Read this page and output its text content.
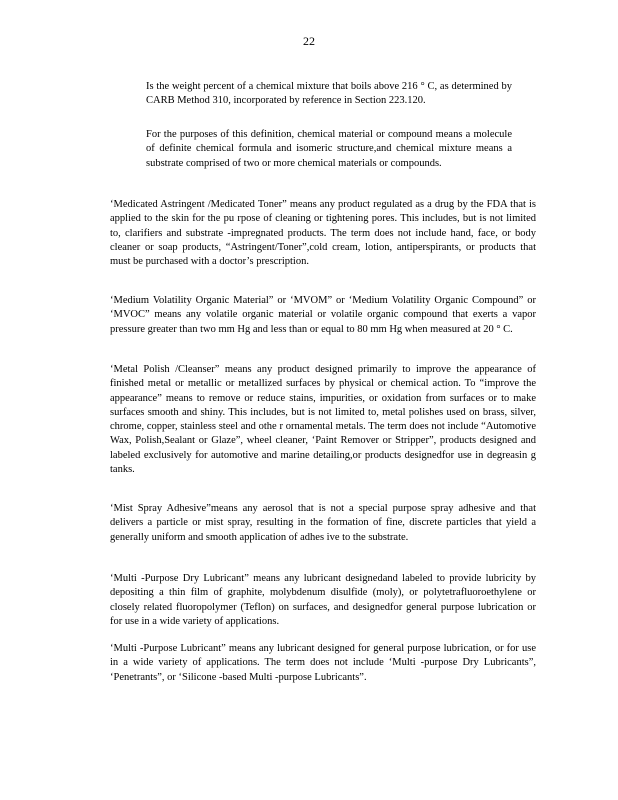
22

Is the weight percent of a chemical mixture that boils above 216 ° C, as determined by CARB Method 310, incorporated by reference in Section 223.120.

For the purposes of this definition, chemical material or compound means a molecule of definite chemical formula and isomeric structure,and chemical mixture means a substrate comprised of two or more chemical materials or compounds.

‘Medicated Astringent /Medicated Toner” means any product regulated as a drug by the FDA that is applied to the skin for the pu rpose of cleaning or tightening pores. This includes, but is not limited to, clarifiers and substrate -impregnated products. The term does not include hand, face, or body cleaner or soap products, “Astringent/Toner”,cold cream, lotion, antiperspirants, or products that must be purchased with a doctor’s prescription.

‘Medium Volatility Organic Material” or ‘MVOM” or ‘Medium Volatility Organic Compound” or ‘MVOC” means any volatile organic material or volatile organic compound that exerts a vapor pressure greater than two mm Hg and less than or equal to 80 mm Hg when measured at 20 ° C.

‘Metal Polish /Cleanser” means any product designed primarily to improve the appearance of finished metal or metallic or metallized surfaces by physical or chemical action. To “improve the appearance” means to remove or reduce stains, impurities, or oxidation from surfaces or to make surfaces smooth and shiny. This includes, but is not limited to, metal polishes used on brass, silver, chrome, copper, stainless steel and othe r ornamental metals. The term does not include “Automotive Wax, Polish,Sealant or Glaze”, wheel cleaner, ‘Paint Remover or Stripper”, products designed and labeled exclusively for automotive and marine detailing,or products designedfor use in degreasin g tanks.

‘Mist Spray Adhesive”means any aerosol that is not a special purpose spray adhesive and that delivers a particle or mist spray, resulting in the formation of fine, discrete particles that yield a generally uniform and smooth application of adhes ive to the substrate.

‘Multi -Purpose Dry Lubricant” means any lubricant designedand labeled to provide lubricity by depositing a thin film of graphite, molybdenum disulfide (moly), or polytetrafluoroethylene or closely related fluoropolymer (Teflon) on surfaces, and designedfor general purpose lubrication or for use in a wide variety of applications.

‘Multi -Purpose Lubricant” means any lubricant designed for general purpose lubrication, or for use in a wide variety of applications. The term does not include ‘Multi -purpose Dry Lubricants”, ‘Penetrants”, or ‘Silicone -based Multi -purpose Lubricants”.
